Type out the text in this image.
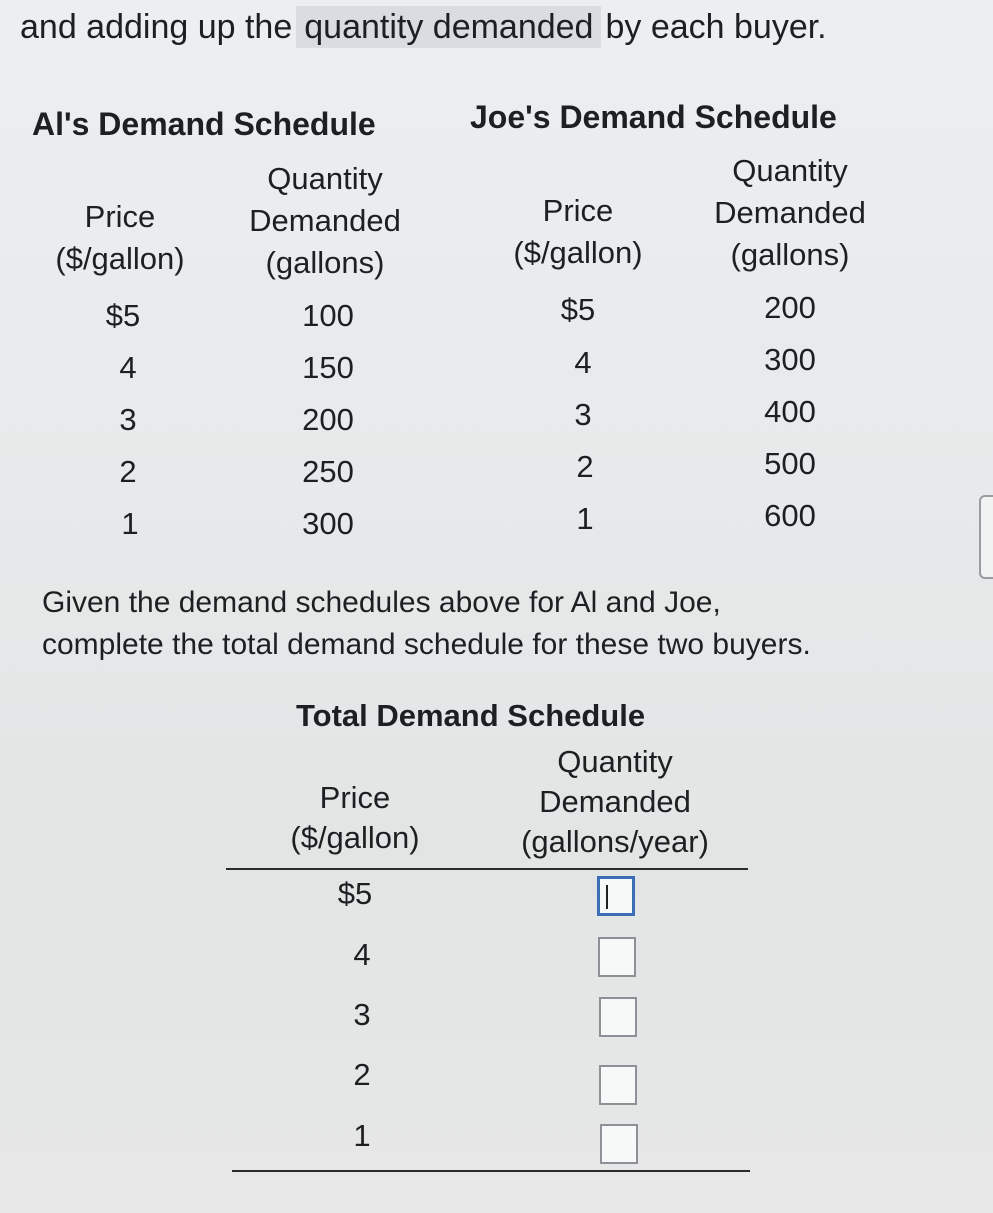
and adding up the quantity demanded by each buyer.
Al's Demand Schedule
Price
($/gallon)
Quantity
Demanded
(gallons)
$5	100
4	150
3	200
2	250
1	300
Joe's Demand Schedule
Price
($/gallon)
Quantity
Demanded
(gallons)
$5	200
4	300
3	400
2	500
1	600
Given the demand schedules above for Al and Joe,
complete the total demand schedule for these two buyers.
Total Demand Schedule
Price
($/gallon)
Quantity
Demanded
(gallons/year)
$5
4
3
2
1
